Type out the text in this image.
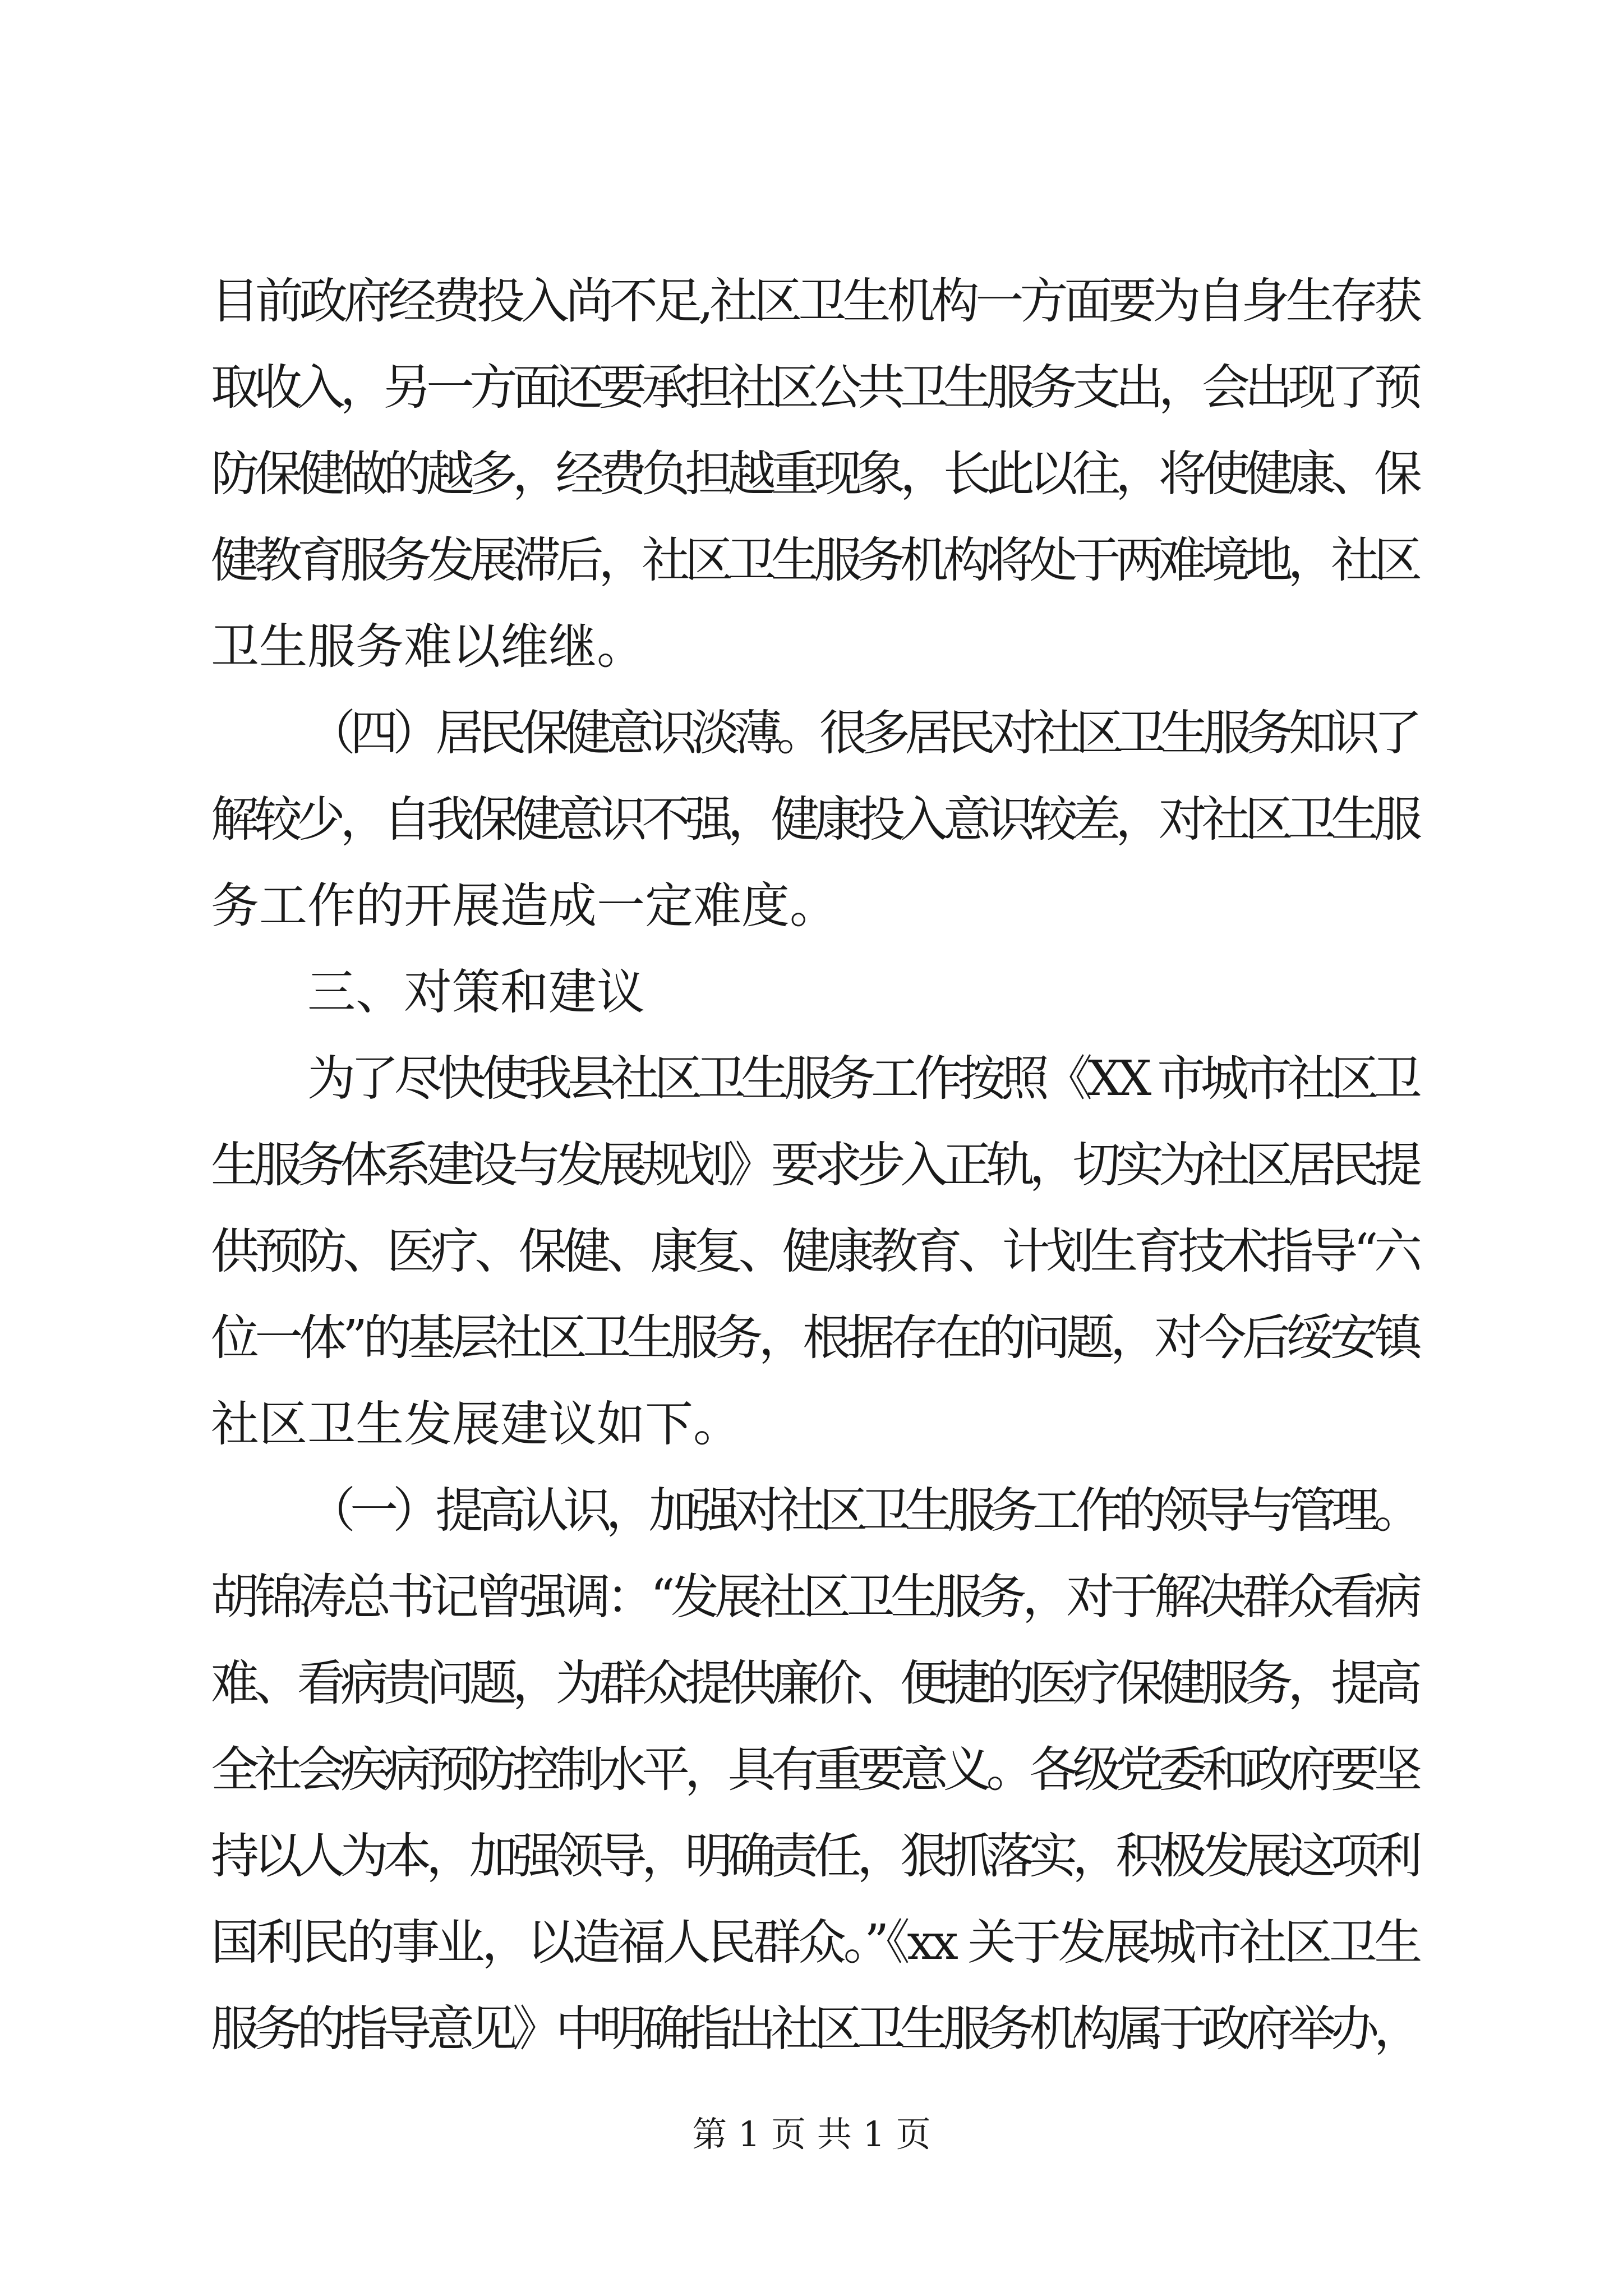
目前政府经费投入尚不足,社区卫生机构一方面要为自身生存获
取收入，另一方面还要承担社区公共卫生服务支出，会出现了预
防保健做的越多，经费负担越重现象，长此以往，将使健康、保
健教育服务发展滞后，社区卫生服务机构将处于两难境地，社区
卫生服务难以维继。
（四）居民保健意识淡薄。很多居民对社区卫生服务知识了
解较少，自我保健意识不强，健康投入意识较差，对社区卫生服
务工作的开展造成一定难度。
三、对策和建议
为了尽快使我县社区卫生服务工作按照《XX 市城市社区卫
生服务体系建设与发展规划》要求步入正轨，切实为社区居民提
供预防、医疗、保健、康复、健康教育、计划生育技术指导“六
位一体”的基层社区卫生服务，根据存在的问题，对今后绥安镇
社区卫生发展建议如下。
（一）提高认识，加强对社区卫生服务工作的领导与管理。
胡锦涛总书记曾强调：“发展社区卫生服务，对于解决群众看病
难、看病贵问题，为群众提供廉价、便捷的医疗保健服务，提高
全社会疾病预防控制水平，具有重要意义。各级党委和政府要坚
持以人为本，加强领导，明确责任，狠抓落实，积极发展这项利
国利民的事业，以造福人民群众。”《xx 关于发展城市社区卫生
服务的指导意见》中明确指出社区卫生服务机构属于政府举办，
第 1 页 共 1 页
